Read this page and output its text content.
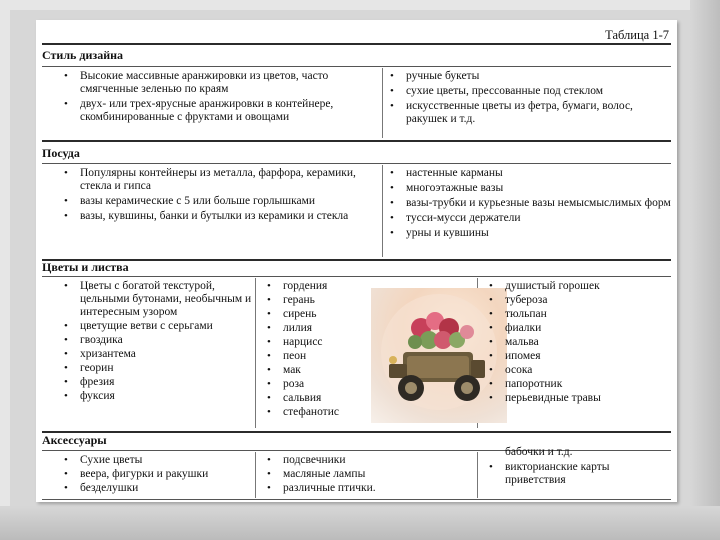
Таблица 1-7
Стиль дизайна
• Высокие массивные аранжировки из цветов, часто смягченные зеленью по краям
• двух- или трех-ярусные аранжировки в контейнере, скомбинированные с фруктами и овощами
• ручные букеты
• сухие цветы, прессованные под стеклом
• искусственные цветы из фетра, бумаги, волос, ракушек и т.д.
Посуда
• Популярны контейнеры из металла, фарфора, керамики, стекла и гипса
• вазы керамические с 5 или больше горлышками
• вазы, кувшины, банки и бутылки из керамики и стекла
• настенные карманы
• многоэтажные вазы
• вазы-трубки и курьезные вазы немысмыслимых форм
• тусси-мусси держатели
• урны и кувшины
Цветы и листва
• Цветы с богатой текстурой, цельными бутонами, необычным и интересным узором
• цветущие ветви с серьгами
• гвоздика
• хризантема
• георин
• фрезия
• фуксия
• гордения
• герань
• сирень
• лилия
• нарцисс
• пеон
• мак
• роза
• сальвия
• стефанотис
• душистый горошек
• тубероза
• тюльпан
• фиалки
• мальва
• ипомея
• осока
• папоротник
• перьевидные травы
Аксессуары
• Сухие цветы
• веера, фигурки и ракушки
• безделушки
• подсвечники
• масляные лампы
• различные птички.
бабочки и т.д.
• викторианские карты приветствия
